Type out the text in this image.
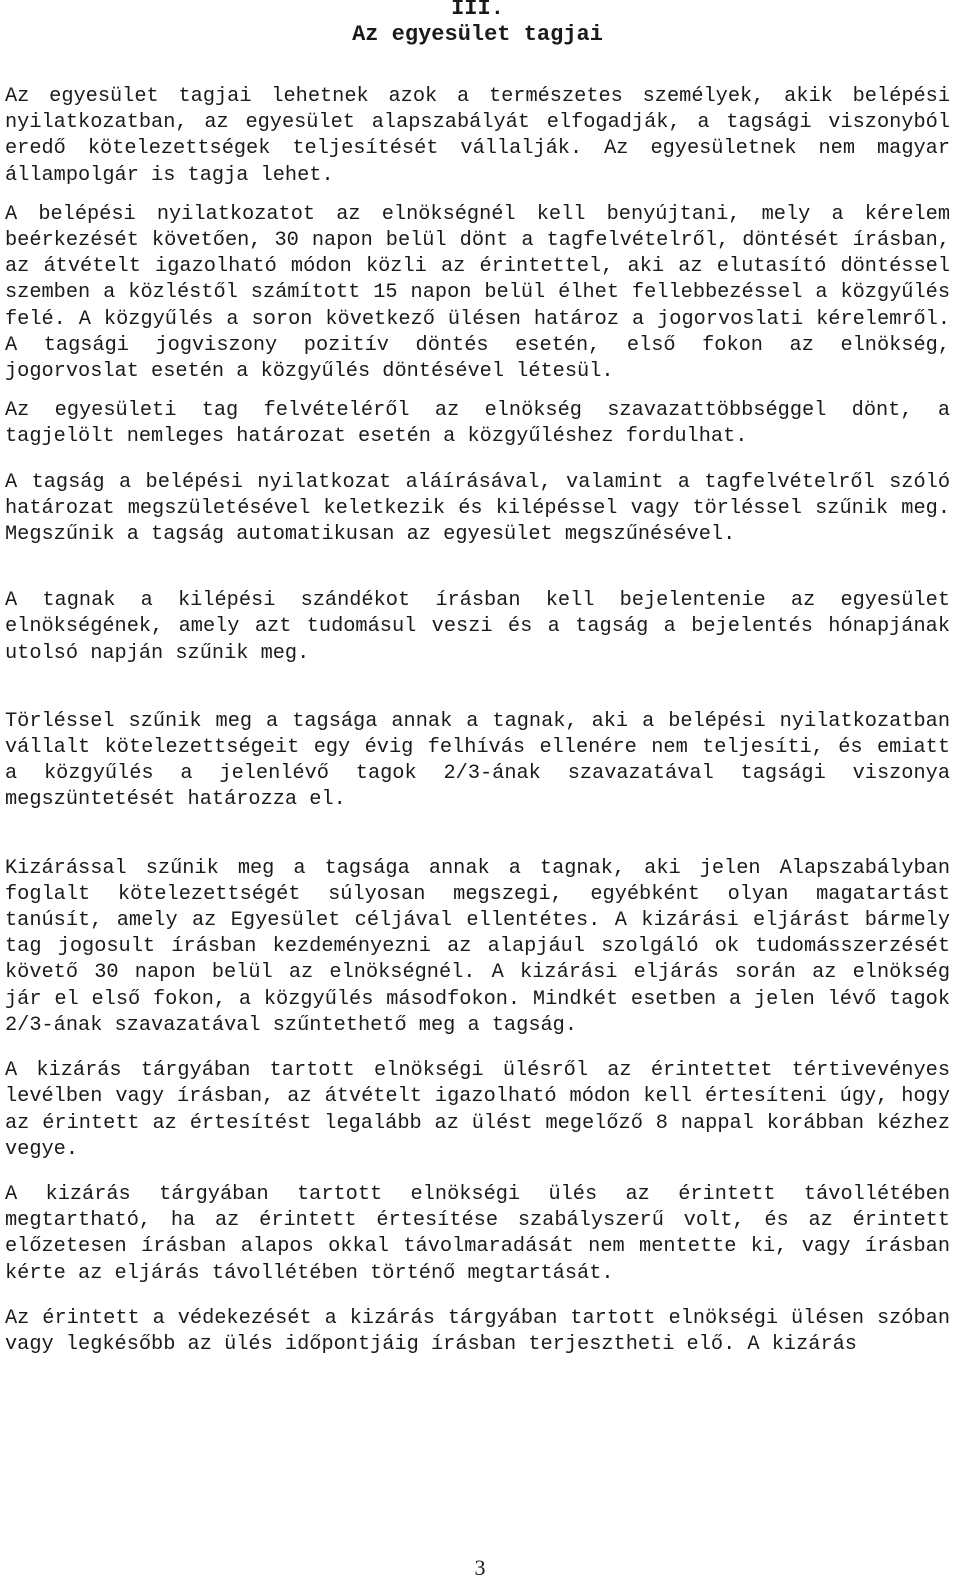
III.

Az egyesület tagjai

Az egyesület tagjai lehetnek azok a természetes személyek, akik belépési nyilatkozatban, az egyesület alapszabályát elfogadják, a tagsági viszonyból eredő kötelezettségek teljesítését vállalják. Az egyesületnek nem magyar állampolgár is tagja lehet.

A belépési nyilatkozatot az elnökségnél kell benyújtani, mely a kérelem beérkezését követően, 30 napon belül dönt a tagfelvételről, döntését írásban, az átvételt igazolható módon közli az érintettel, aki az elutasító döntéssel szemben a közléstől számított 15 napon belül élhet fellebbezéssel a közgyűlés felé. A közgyűlés a soron következő ülésen határoz a jogorvoslati kérelemről. A tagsági jogviszony pozitív döntés esetén, első fokon az elnökség, jogorvoslat esetén a közgyűlés döntésével létesül.

Az egyesületi tag felvételéről az elnökség szavazattöbbséggel dönt, a tagjelölt nemleges határozat esetén a közgyűléshez fordulhat.

A tagság a belépési nyilatkozat aláírásával, valamint a tagfelvételről szóló határozat megszületésével keletkezik és kilépéssel vagy törléssel szűnik meg. Megszűnik a tagság automatikusan az egyesület megszűnésével.

A tagnak a kilépési szándékot írásban kell bejelentenie az egyesület elnökségének, amely azt tudomásul veszi és a tagság a bejelentés hónapjának utolsó napján szűnik meg.

Törléssel szűnik meg a tagsága annak a tagnak, aki a belépési nyilatkozatban vállalt kötelezettségeit egy évig felhívás ellenére nem teljesíti, és emiatt a közgyűlés a jelenlévő tagok 2/3-ának szavazatával tagsági viszonya megszüntetését határozza el.

Kizárással szűnik meg a tagsága annak a tagnak, aki jelen Alapszabályban foglalt kötelezettségét súlyosan megszegi, egyébként olyan magatartást tanúsít, amely az Egyesület céljával ellentétes. A kizárási eljárást bármely tag jogosult írásban kezdeményezni az alapjául szolgáló ok tudomásszerzését követő 30 napon belül az elnökségnél. A kizárási eljárás során az elnökség jár el első fokon, a közgyűlés másodfokon. Mindkét esetben a jelen lévő tagok 2/3-ának szavazatával szűntethető meg a tagság.

A kizárás tárgyában tartott elnökségi ülésről az érintettet tértivevényes levélben vagy írásban, az átvételt igazolható módon kell értesíteni úgy, hogy az érintett az értesítést legalább az ülést megelőző 8 nappal korábban kézhez vegye.

A kizárás tárgyában tartott elnökségi ülés az érintett távollétében megtartható, ha az érintett értesítése szabályszerű volt, és az érintett előzetesen írásban alapos okkal távolmaradását nem mentette ki, vagy írásban kérte az eljárás távollétében történő megtartását.

Az érintett a védekezését a kizárás tárgyában tartott elnökségi ülésen szóban vagy legkésőbb az ülés időpontjáig írásban terjesztheti elő. A kizárás

3
